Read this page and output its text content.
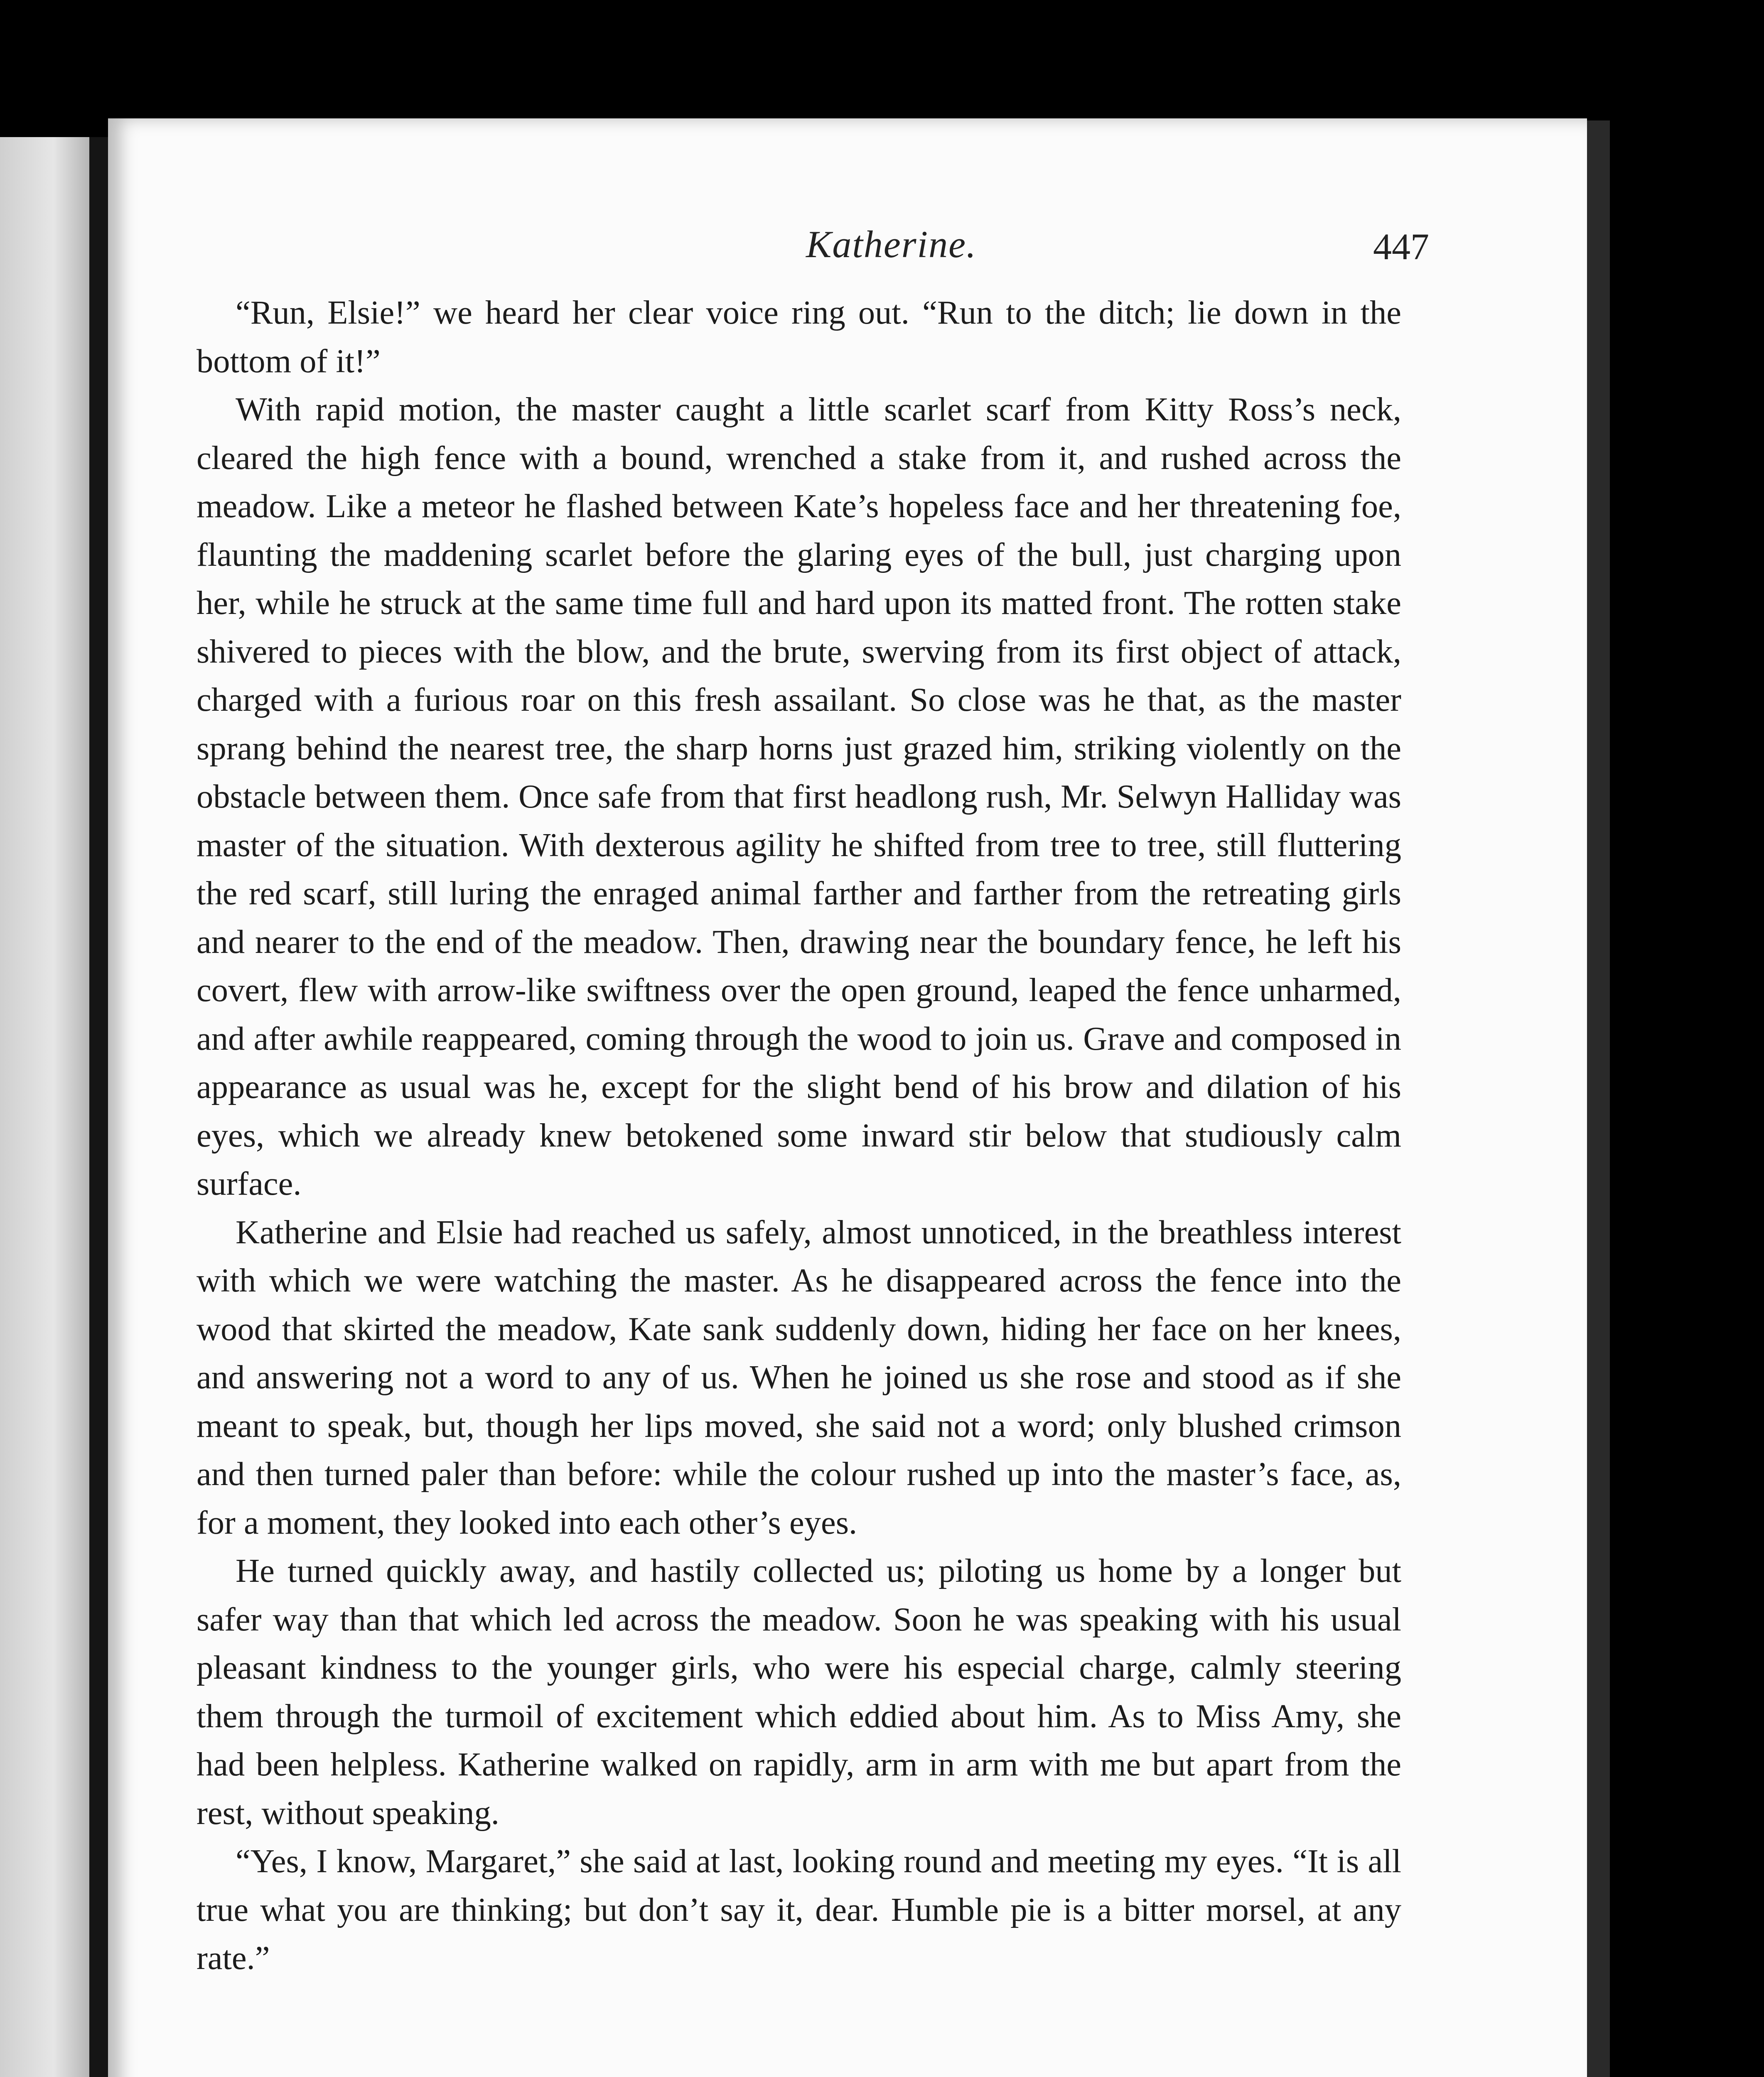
Katherine.	447

“Run, Elsie!” we heard her clear voice ring out. “Run to the ditch; lie down in the bottom of it!”

With rapid motion, the master caught a little scarlet scarf from Kitty Ross’s neck, cleared the high fence with a bound, wrenched a stake from it, and rushed across the meadow. Like a meteor he flashed between Kate’s hopeless face and her threatening foe, flaunting the maddening scarlet before the glaring eyes of the bull, just charging upon her, while he struck at the same time full and hard upon its matted front. The rotten stake shivered to pieces with the blow, and the brute, swerving from its first object of attack, charged with a furious roar on this fresh assailant. So close was he that, as the master sprang behind the nearest tree, the sharp horns just grazed him, striking violently on the obstacle between them. Once safe from that first headlong rush, Mr. Selwyn Halliday was master of the situation. With dexterous agility he shifted from tree to tree, still fluttering the red scarf, still luring the enraged animal farther and farther from the retreating girls and nearer to the end of the meadow. Then, drawing near the boundary fence, he left his covert, flew with arrow-like swiftness over the open ground, leaped the fence unharmed, and after awhile reappeared, coming through the wood to join us. Grave and composed in appearance as usual was he, except for the slight bend of his brow and dilation of his eyes, which we already knew betokened some inward stir below that studiously calm surface.

Katherine and Elsie had reached us safely, almost unnoticed, in the breathless interest with which we were watching the master. As he disappeared across the fence into the wood that skirted the meadow, Kate sank suddenly down, hiding her face on her knees, and answering not a word to any of us. When he joined us she rose and stood as if she meant to speak, but, though her lips moved, she said not a word; only blushed crimson and then turned paler than before: while the colour rushed up into the master’s face, as, for a moment, they looked into each other’s eyes.

He turned quickly away, and hastily collected us; piloting us home by a longer but safer way than that which led across the meadow. Soon he was speaking with his usual pleasant kindness to the younger girls, who were his especial charge, calmly steering them through the turmoil of excitement which eddied about him. As to Miss Amy, she had been helpless. Katherine walked on rapidly, arm in arm with me but apart from the rest, without speaking.

“Yes, I know, Margaret,” she said at last, looking round and meeting my eyes. “It is all true what you are thinking; but don’t say it, dear. Humble pie is a bitter morsel, at any rate.”
